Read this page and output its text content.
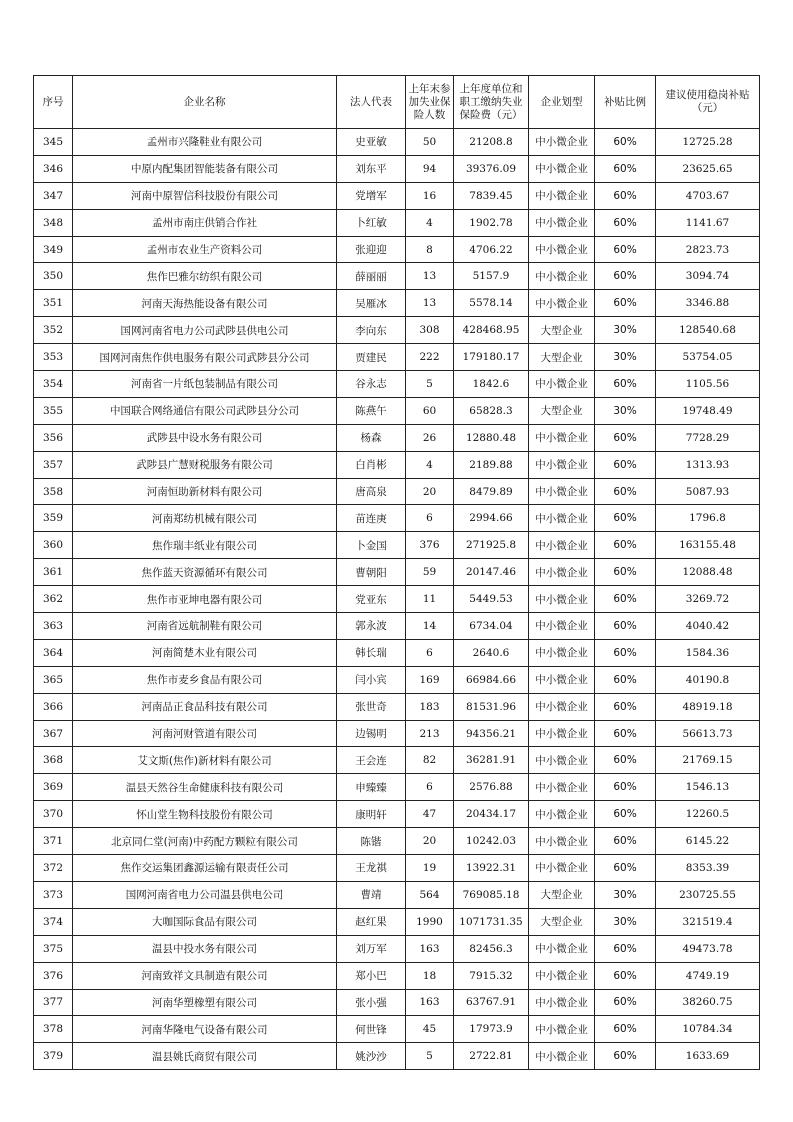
序号	企业名称	法人代表	上年末参加失业保险人数	上年度单位和职工缴纳失业保险费（元）	企业划型	补贴比例	建议使用稳岗补贴（元）
345	孟州市兴隆鞋业有限公司	史亚敏	50	21208.8	中小微企业	60%	12725.28
346	中原内配集团智能装备有限公司	刘东平	94	39376.09	中小微企业	60%	23625.65
347	河南中原智信科技股份有限公司	党增军	16	7839.45	中小微企业	60%	4703.67
348	孟州市南庄供销合作社	卜红敏	4	1902.78	中小微企业	60%	1141.67
349	孟州市农业生产资料公司	张迎迎	8	4706.22	中小微企业	60%	2823.73
350	焦作巴雅尔纺织有限公司	薛丽丽	13	5157.9	中小微企业	60%	3094.74
351	河南天海热能设备有限公司	吴雁冰	13	5578.14	中小微企业	60%	3346.88
352	国网河南省电力公司武陟县供电公司	李向东	308	428468.95	大型企业	30%	128540.68
353	国网河南焦作供电服务有限公司武陟县分公司	贾建民	222	179180.17	大型企业	30%	53754.05
354	河南省一片纸包装制品有限公司	谷永志	5	1842.6	中小微企业	60%	1105.56
355	中国联合网络通信有限公司武陟县分公司	陈燕午	60	65828.3	大型企业	30%	19748.49
356	武陟县中设水务有限公司	杨森	26	12880.48	中小微企业	60%	7728.29
357	武陟县广慧财税服务有限公司	白肖彬	4	2189.88	中小微企业	60%	1313.93
358	河南恒助新材料有限公司	唐高泉	20	8479.89	中小微企业	60%	5087.93
359	河南郑纺机械有限公司	苗连庚	6	2994.66	中小微企业	60%	1796.8
360	焦作瑞丰纸业有限公司	卜金国	376	271925.8	中小微企业	60%	163155.48
361	焦作蓝天资源循环有限公司	曹朝阳	59	20147.46	中小微企业	60%	12088.48
362	焦作市亚坤电器有限公司	党亚东	11	5449.53	中小微企业	60%	3269.72
363	河南省远航制鞋有限公司	郭永波	14	6734.04	中小微企业	60%	4040.42
364	河南简楚木业有限公司	韩长瑞	6	2640.6	中小微企业	60%	1584.36
365	焦作市麦乡食品有限公司	闫小宾	169	66984.66	中小微企业	60%	40190.8
366	河南品正食品科技有限公司	张世奇	183	81531.96	中小微企业	60%	48919.18
367	河南河财管道有限公司	边锡明	213	94356.21	中小微企业	60%	56613.73
368	艾文斯(焦作)新材料有限公司	王会连	82	36281.91	中小微企业	60%	21769.15
369	温县天然谷生命健康科技有限公司	申臻臻	6	2576.88	中小微企业	60%	1546.13
370	怀山堂生物科技股份有限公司	康明轩	47	20434.17	中小微企业	60%	12260.5
371	北京同仁堂(河南)中药配方颗粒有限公司	陈锴	20	10242.03	中小微企业	60%	6145.22
372	焦作交运集团鑫源运输有限责任公司	王龙祺	19	13922.31	中小微企业	60%	8353.39
373	国网河南省电力公司温县供电公司	曹靖	564	769085.18	大型企业	30%	230725.55
374	大咖国际食品有限公司	赵红果	1990	1071731.35	大型企业	30%	321519.4
375	温县中投水务有限公司	刘万军	163	82456.3	中小微企业	60%	49473.78
376	河南致祥文具制造有限公司	郑小巴	18	7915.32	中小微企业	60%	4749.19
377	河南华塑橡塑有限公司	张小强	163	63767.91	中小微企业	60%	38260.75
378	河南华隆电气设备有限公司	何世锋	45	17973.9	中小微企业	60%	10784.34
379	温县姚氏商贸有限公司	姚沙沙	5	2722.81	中小微企业	60%	1633.69
